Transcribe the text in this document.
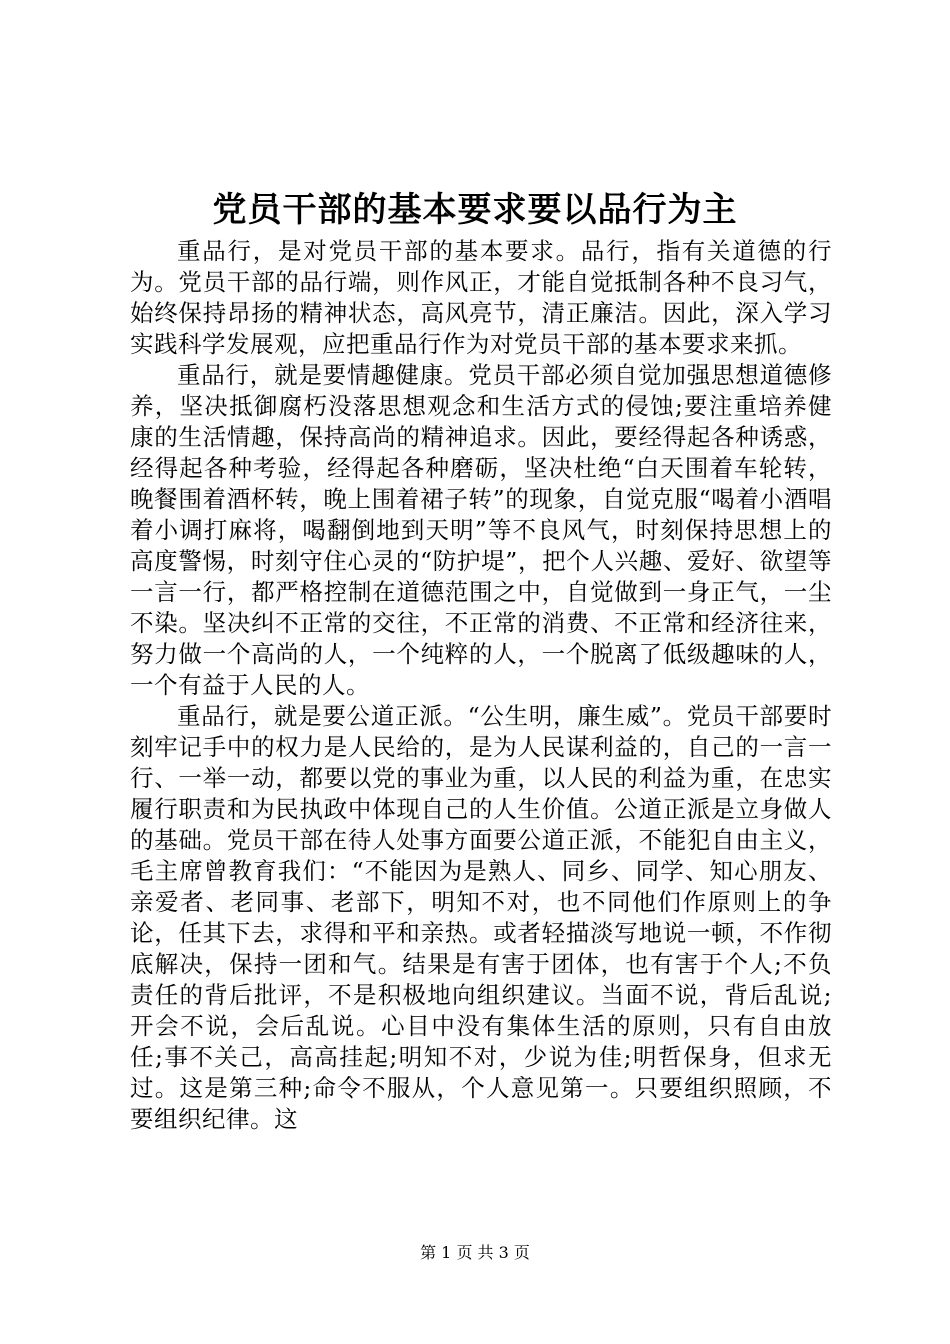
党员干部的基本要求要以品行为主

重品行，是对党员干部的基本要求。品行，指有关道德的行为。党员干部的品行端，则作风正，才能自觉抵制各种不良习气，始终保持昂扬的精神状态，高风亮节，清正廉洁。因此，深入学习实践科学发展观，应把重品行作为对党员干部的基本要求来抓。

重品行，就是要情趣健康。党员干部必须自觉加强思想道德修养，坚决抵御腐朽没落思想观念和生活方式的侵蚀;要注重培养健康的生活情趣，保持高尚的精神追求。因此，要经得起各种诱惑，经得起各种考验，经得起各种磨砺，坚决杜绝“白天围着车轮转，晚餐围着酒杯转，晚上围着裙子转”的现象，自觉克服“喝着小酒唱着小调打麻将，喝翻倒地到天明”等不良风气，时刻保持思想上的高度警惕，时刻守住心灵的“防护堤”，把个人兴趣、爱好、欲望等一言一行，都严格控制在道德范围之中，自觉做到一身正气，一尘不染。坚决纠不正常的交往，不正常的消费、不正常和经济往来，努力做一个高尚的人，一个纯粹的人，一个脱离了低级趣味的人，一个有益于人民的人。

重品行，就是要公道正派。“公生明，廉生威”。党员干部要时刻牢记手中的权力是人民给的，是为人民谋利益的，自己的一言一行、一举一动，都要以党的事业为重，以人民的利益为重，在忠实履行职责和为民执政中体现自己的人生价值。公道正派是立身做人的基础。党员干部在待人处事方面要公道正派，不能犯自由主义，毛主席曾教育我们：“不能因为是熟人、同乡、同学、知心朋友、亲爱者、老同事、老部下，明知不对，也不同他们作原则上的争论，任其下去，求得和平和亲热。或者轻描淡写地说一顿，不作彻底解决，保持一团和气。结果是有害于团体，也有害于个人;不负责任的背后批评，不是积极地向组织建议。当面不说，背后乱说;开会不说，会后乱说。心目中没有集体生活的原则，只有自由放任;事不关己，高高挂起;明知不对，少说为佳;明哲保身，但求无过。这是第三种;命令不服从，个人意见第一。只要组织照顾，不要组织纪律。这

第 1 页 共 3 页
